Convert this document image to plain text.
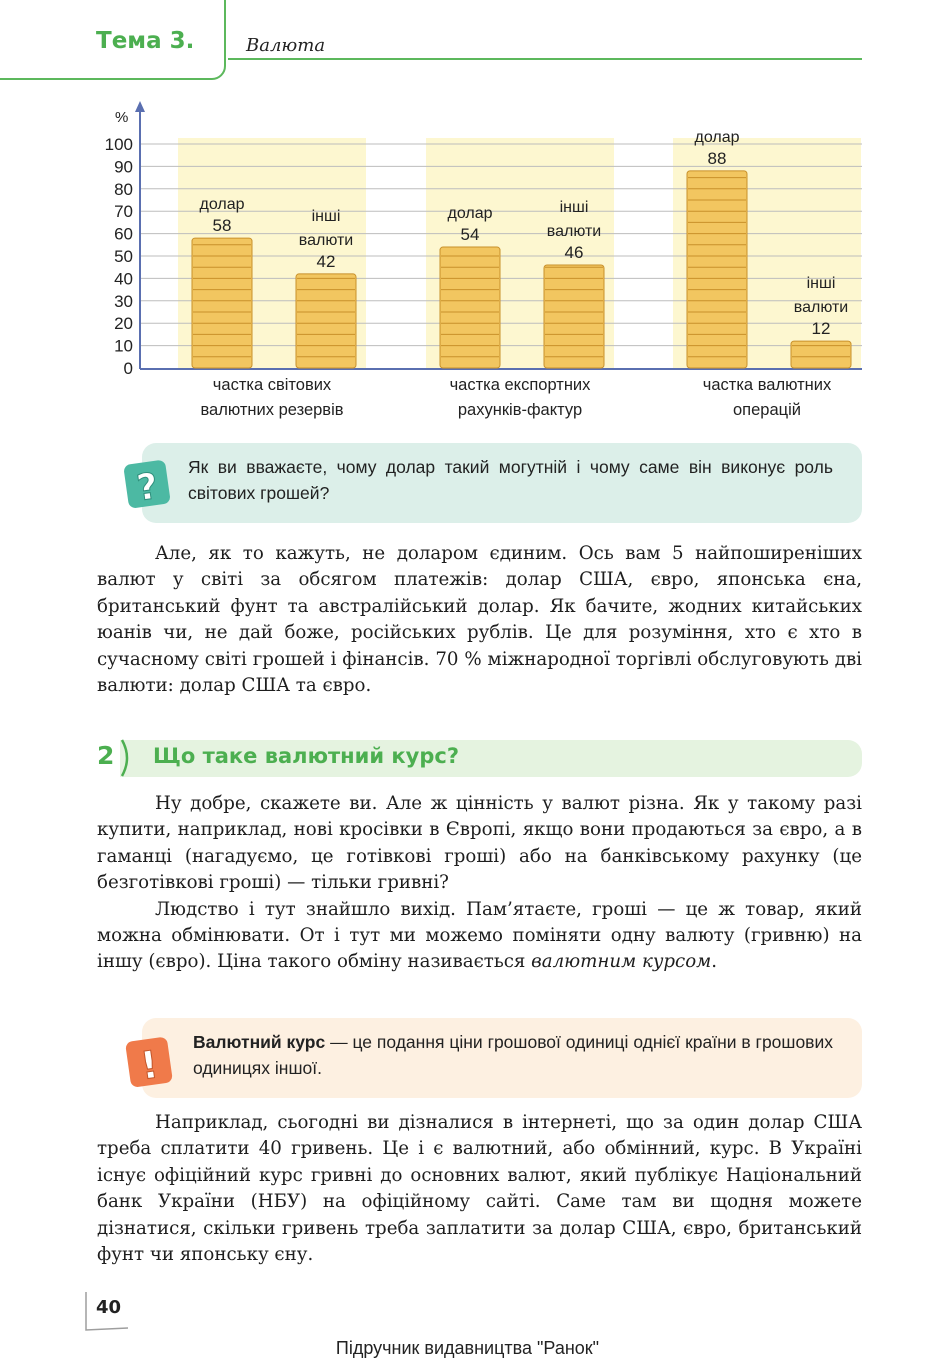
Тема 3.	Валюта
0
10
20
30
40
50
60
70
80
90
100
%
58
долар
42
інші
валюти
частка світових
валютних резервів
54
долар
46
інші
валюти
частка експортних
рахунків-фактур
88
долар
12
інші
валюти
частка валютних
операцій
? Як ви вважаєте, чому долар такий могутній і чому саме він виконує роль світових грошей?

Але, як то кажуть, не доларом єдиним. Ось вам 5 найпоширеніших валют у світі за обсягом платежів: долар США, євро, японська єна, британський фунт та австралійський долар. Як бачите, жодних китайських юанів чи, не дай боже, російських рублів. Це для розуміння, хто є хто в сучасному світі грошей і фінансів. 70 % міжнародної торгівлі обслуговують дві валюти: долар США та євро.

2 Що таке валютний курс?

Ну добре, скажете ви. Але ж цінність у валют різна. Як у такому разі купити, наприклад, нові кросівки в Європі, якщо вони продаються за євро, а в гаманці (нагадуємо, це готівкові гроші) або на банківському рахунку (це безготівкові гроші) — тільки гривні?

Людство і тут знайшло вихід. Пам’ятаєте, гроші — це ж товар, який можна обмінювати. От і тут ми можемо поміняти одну валюту (гривню) на іншу (євро). Ціна такого обміну називається валютним курсом.

!
Валютний курс — це подання ціни грошової одиниці однієї країни в грошових одиницях іншої.

Наприклад, сьогодні ви дізналися в інтернеті, що за один долар США треба сплатити 40 гривень. Це і є валютний, або обмінний, курс. В Україні існує офіційний курс гривні до основних валют, який публікує Національний банк України (НБУ) на офіційному сайті. Саме там ви щодня можете дізнатися, скільки гривень треба заплатити за долар США, євро, британський фунт чи японську єну.

40
Підручник видавництва "Ранок"
